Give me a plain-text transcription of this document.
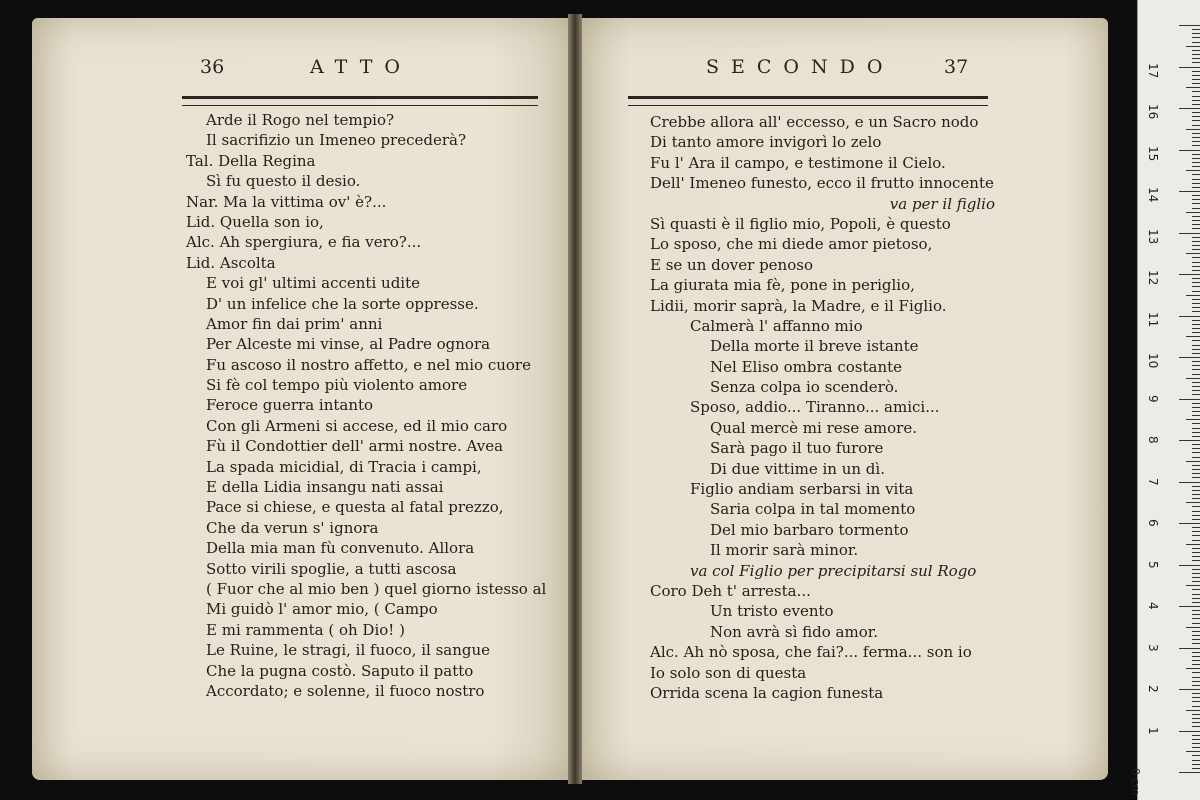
36	ATTO	SECONDO	37
Arde il Rogo nel tempio?
Il sacrifizio un Imeneo precederà?
Tal. Della Regina
Sì fu questo il desio.
Nar. Ma la vittima ov' è?...
Lid. Quella son io,
Alc. Ah spergiura, e fia vero?...
Lid. Ascolta
E voi gl' ultimi accenti udite
D' un infelice che la sorte oppresse.
Amor fin dai prim' anni
Per Alceste mi vinse, al Padre ognora
Fu ascoso il nostro affetto, e nel mio cuore
Si fè col tempo più violento amore
Feroce guerra intanto
Con gli Armeni si accese, ed il mio caro
Fù il Condottier dell' armi nostre. Avea
La spada micidial, di Tracia i campi,
E della Lidia insangu nati assai
Pace si chiese, e questa al fatal prezzo,
Che da verun s' ignora
Della mia man fù convenuto. Allora
Sotto virili spoglie, a tutti ascosa
( Fuor che al mio ben ) quel giorno istesso al
Mi guidò l' amor mio, ( Campo
E mi rammenta ( oh Dio! )
Le Ruine, le stragi, il fuoco, il sangue
Che la pugna costò. Saputo il patto
Accordato; e solenne, il fuoco nostro
Crebbe allora all' eccesso, e un Sacro nodo
Di tanto amore invigorì lo zelo
Fu l' Ara il campo, e testimone il Cielo.
Dell' Imeneo funesto, ecco il frutto innocente
va per il figlio
Sì quasti è il figlio mio, Popoli, è questo
Lo sposo, che mi diede amor pietoso,
E se un dover penoso
La giurata mia fè, pone in periglio,
Lidii, morir saprà, la Madre, e il Figlio.
Calmerà l' affanno mio
Della morte il breve istante
Nel Eliso ombra costante
Senza colpa io scenderò.
Sposo, addio... Tiranno... amici...
Qual mercè mi rese amore.
Sarà pago il tuo furore
Di due vittime in un dì.
Figlio andiam serbarsi in vita
Saria colpa in tal momento
Del mio barbaro tormento
Il morir sarà minor.
va col Figlio per precipitarsi sul Rogo
Coro Deh t' arresta...
Un tristo evento
Non avrà sì fido amor.
Alc. Ah nò sposa, che fai?... ferma... son io
Io solo son di questa
Orrida scena la cagion funesta
0 cm
1
2
3
4
5
6
7
8
9
10
11
12
13
14
15
16
17
